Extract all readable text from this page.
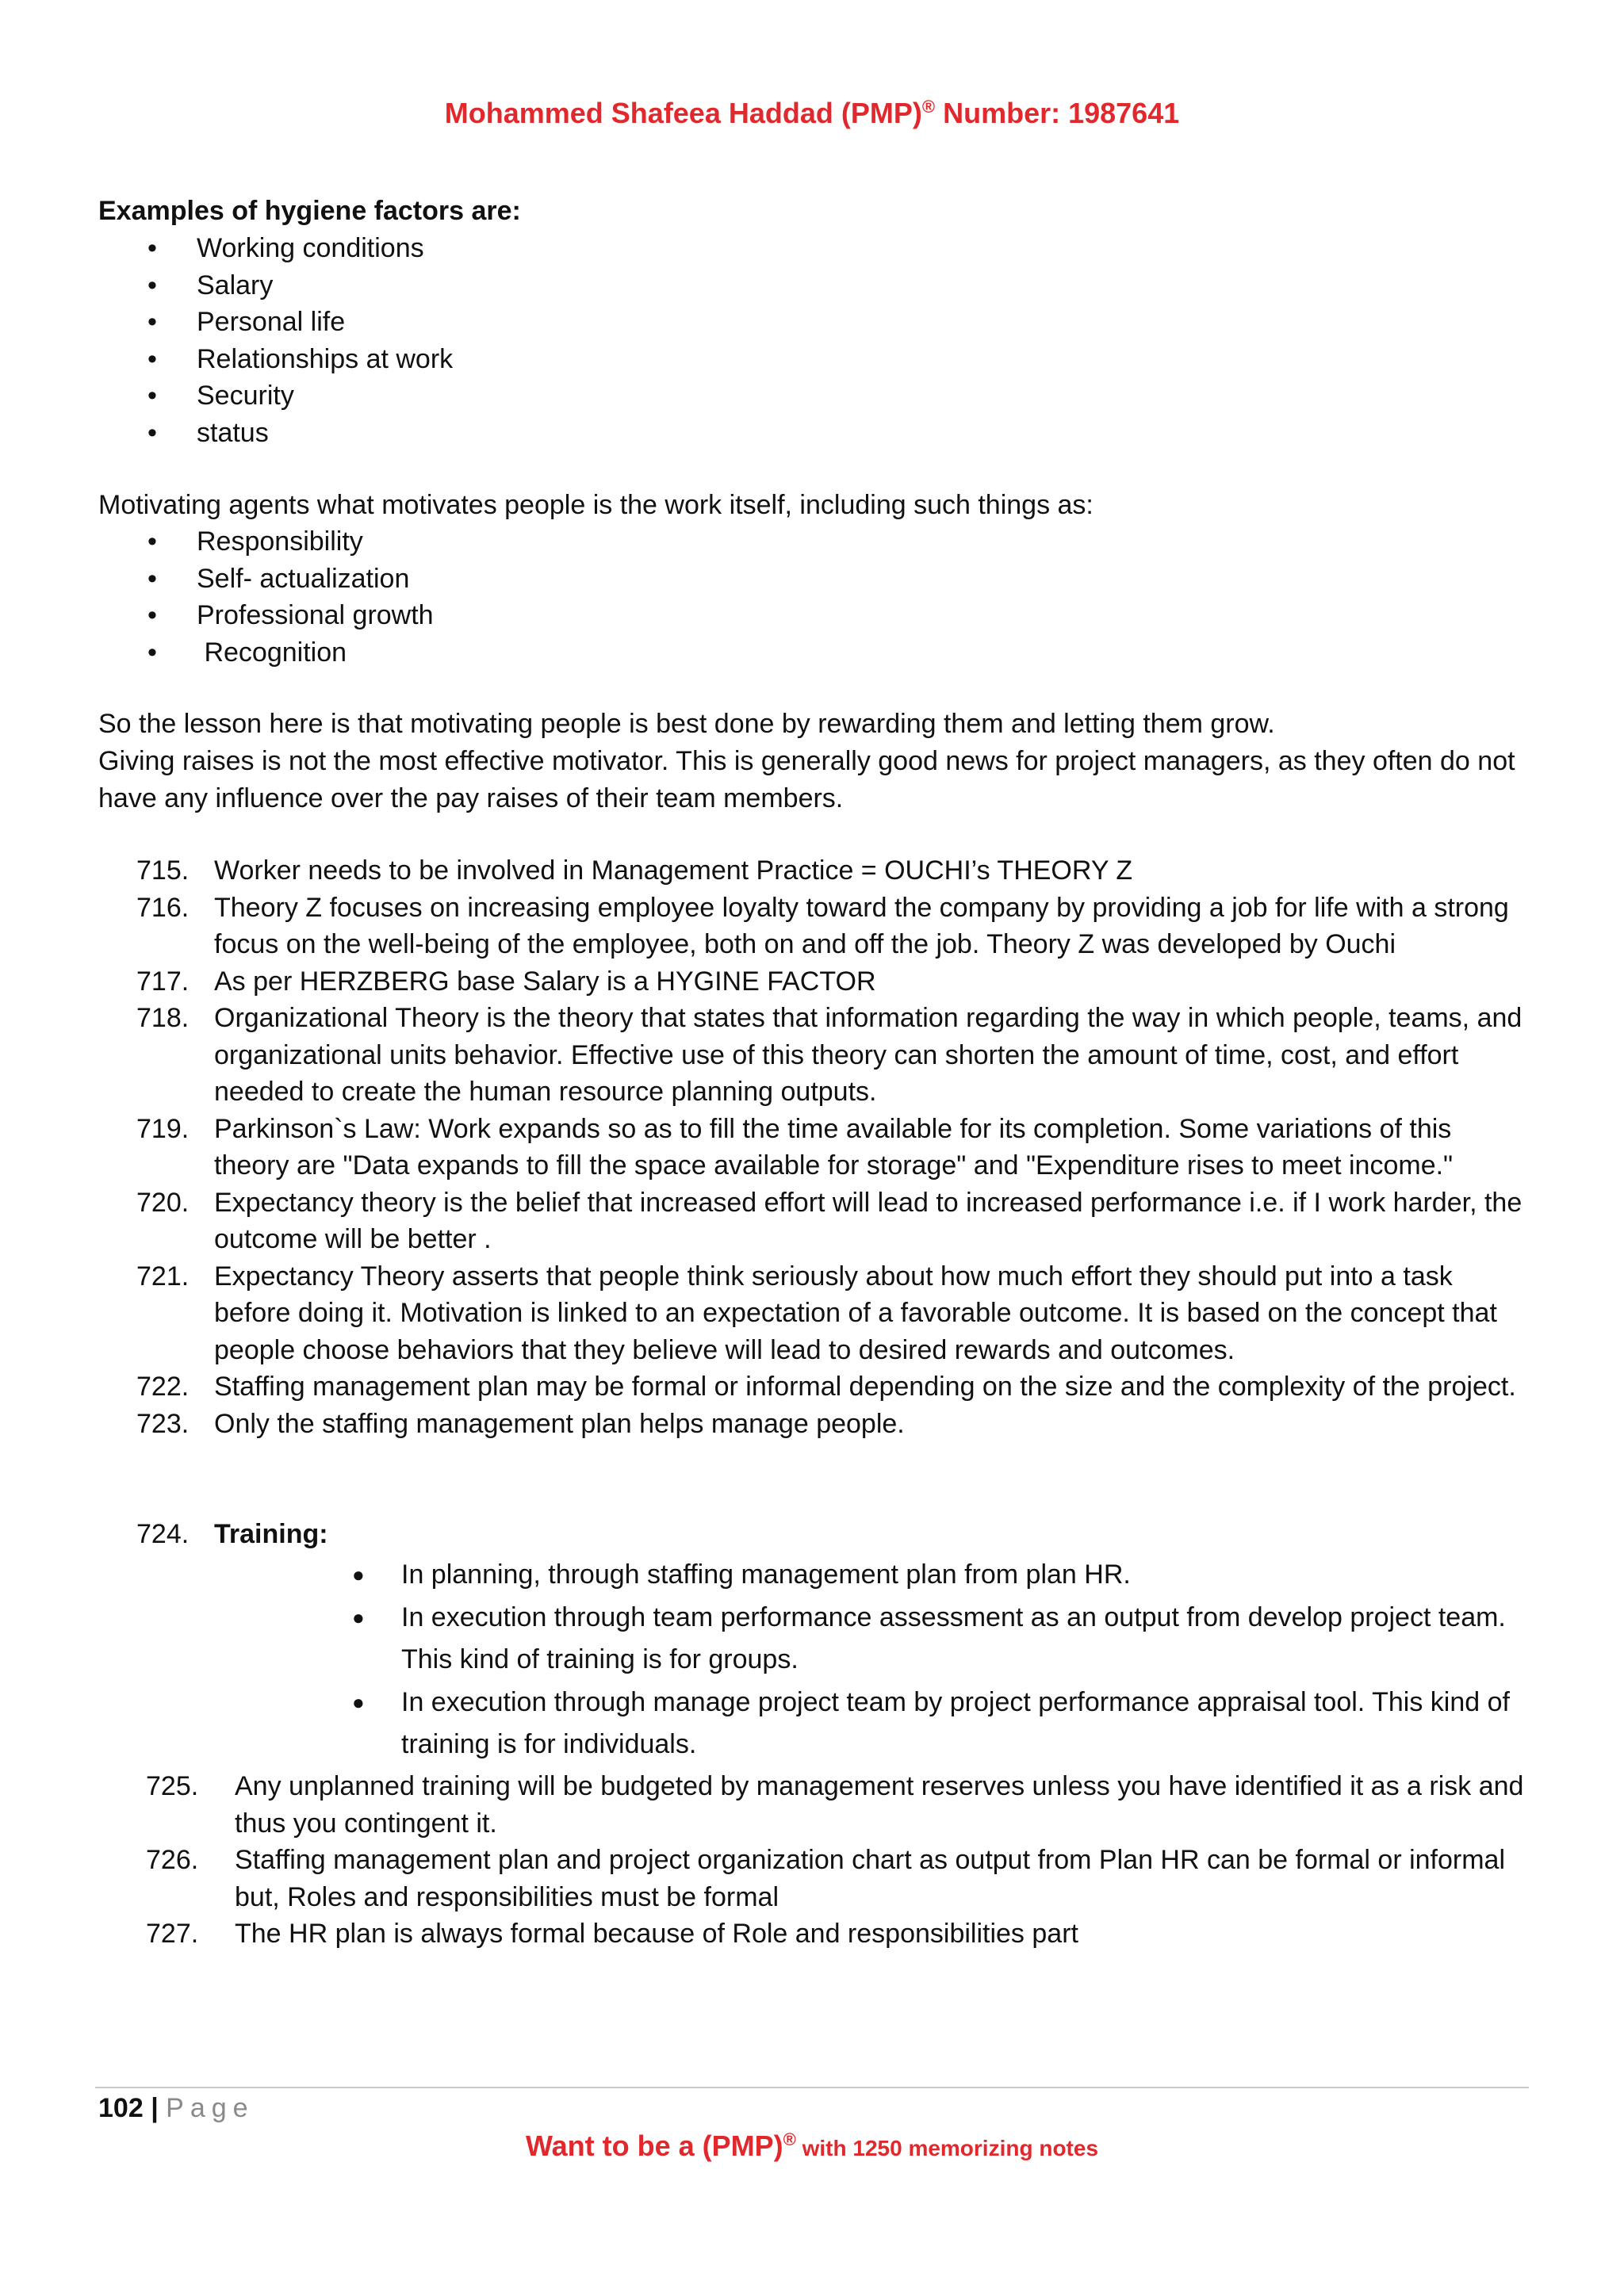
Mohammed Shafeea Haddad (PMP)® Number: 1987641
Examples of hygiene factors are:
• Working conditions
• Salary
• Personal life
• Relationships at work
• Security
• status

Motivating agents what motivates people is the work itself, including such things as:

• Responsibility
• Self- actualization
• Professional growth
•  Recognition

So the lesson here is that motivating people is best done by rewarding them and letting them grow.

Giving raises is not the most effective motivator. This is generally good news for project managers, as they often do not have any influence over the pay raises of their team members.

715. Worker needs to be involved in Management Practice = OUCHI’s THEORY Z
716. Theory Z focuses on increasing employee loyalty toward the company by providing a job for life with a strong focus on the well-being of the employee, both on and off the job. Theory Z was developed by Ouchi
717. As per HERZBERG base Salary is a HYGINE FACTOR
718. Organizational Theory is the theory that states that information regarding the way in which people, teams, and organizational units behavior. Effective use of this theory can shorten the amount of time, cost, and effort needed to create the human resource planning outputs.
719. Parkinson`s Law: Work expands so as to fill the time available for its completion. Some variations of this theory are "Data expands to fill the space available for storage" and "Expenditure rises to meet income."
720. Expectancy theory is the belief that increased effort will lead to increased performance i.e. if I work harder, the outcome will be better .
721. Expectancy Theory asserts that people think seriously about how much effort they should put into a task before doing it. Motivation is linked to an expectation of a favorable outcome. It is based on the concept that people choose behaviors that they believe will lead to desired rewards and outcomes.
722. Staffing management plan may be formal or informal depending on the size and the complexity of the project.
723. Only the staffing management plan helps manage people.
724. Training:
● In planning, through staffing management plan from plan HR.
● In execution through team performance assessment as an output from develop project team. This kind of training is for groups.
● In execution through manage project team by project performance appraisal tool. This kind of training is for individuals.
725. Any unplanned training will be budgeted by management reserves unless you have identified it as a risk and thus you contingent it.
726. Staffing management plan and project organization chart as output from Plan HR can be formal or informal but, Roles and responsibilities must be formal
727. The HR plan is always formal because of Role and responsibilities part
102 | Page
Want to be a (PMP)® with 1250 memorizing notes
